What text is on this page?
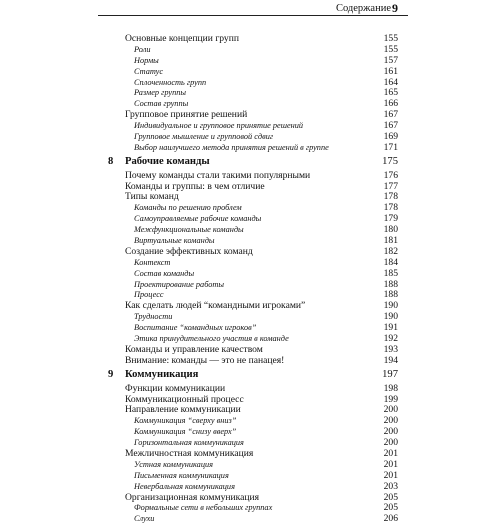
Содержание 9
Основные концепции групп	155
Роли	155
Нормы	157
Статус	161
Сплоченность групп	164
Размер группы	165
Состав группы	166
Групповое принятие решений	167
Индивидуальное и групповое принятие решений	167
Групповое мышление и групповой сдвиг	169
Выбор наилучшего метода принятия решений в группе	171
8 Рабочие команды	175
Почему команды стали такими популярными	176
Команды и группы: в чем отличие	177
Типы команд	178
Команды по решению проблем	178
Самоуправляемые рабочие команды	179
Межфункциональные команды	180
Виртуальные команды	181
Создание эффективных команд	182
Контекст	184
Состав команды	185
Проектирование работы	188
Процесс	188
Как сделать людей “командными игроками”	190
Трудности	190
Воспитание “командных игроков”	191
Этика принудительного участия в команде	192
Команды и управление качеством	193
Внимание: команды — это не панацея!	194
9 Коммуникация	197
Функции коммуникации	198
Коммуникационный процесс	199
Направление коммуникации	200
Коммуникация “сверху вниз”	200
Коммуникация “снизу вверх”	200
Горизонтальная коммуникация	200
Межличностная коммуникация	201
Устная коммуникация	201
Письменная коммуникация	201
Невербальная коммуникация	203
Организационная коммуникация	205
Формальные сети в небольших группах	205
Слухи	206
